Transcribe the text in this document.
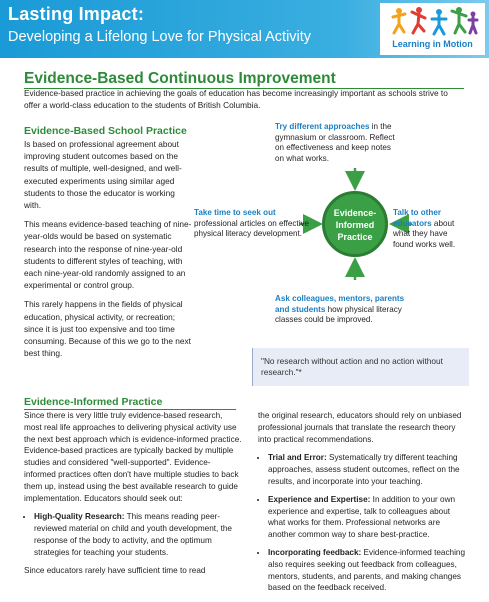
Lasting Impact:
Developing a Lifelong Love for Physical Activity	Learning in Motion
Evidence-Based Continuous Improvement
Evidence-based practice in achieving the goals of education has become increasingly important as schools strive to offer a world-class education to the students of British Columbia.
Evidence-Based School Practice

Is based on professional agreement about improving student outcomes based on the results of multiple, well-designed, and well-executed experiments using similar aged students to those the educator is working with.

This means evidence-based teaching of nine-year-olds would be based on systematic research into the response of nine-year-old students to different styles of teaching, with each nine-year-old randomly assigned to an experimental or control group.

This rarely happens in the fields of physical education, physical activity, or recreation; since it is just too expensive and too time consuming. Because of this we go to the next best thing.

Evidence-
Informed
Practice
Try different approaches in the gymnasium or classroom. Reflect on effectiveness and keep notes on what works.
Take time to seek out professional articles on effective physical literacy development.
Talk to other educators about what they have found works well.
Ask colleagues, mentors, parents and students how physical literacy classes could be improved.
"No research without action and no action without research."*
Evidence-Informed Practice

Since there is very little truly evidence-based research, most real life approaches to delivering physical activity use the next best approach which is evidence-informed practice. Evidence-based practices are typically backed by multiple studies and considered "well-supported". Evidence-informed practices often don't have multiple studies to back them up, instead using the best available research to guide implementation. Educators should seek out:

• High-Quality Research: This means reading peer-reviewed material on child and youth development, the response of the body to activity, and the optimum strategies for teaching your students.

Since educators rarely have sufficient time to read

the original research, educators should rely on unbiased professional journals that translate the research theory into practical recommendations.

• Trial and Error: Systematically try different teaching approaches, assess student outcomes, reflect on the results, and incorporate into your teaching.
• Experience and Expertise: In addition to your own experience and expertise, talk to colleagues about what works for them. Professional networks are another common way to share best-practice.
• Incorporating feedback: Evidence-informed teaching also requires seeking out feedback from colleagues, mentors, students, and parents, and making changes based on the feedback received.
